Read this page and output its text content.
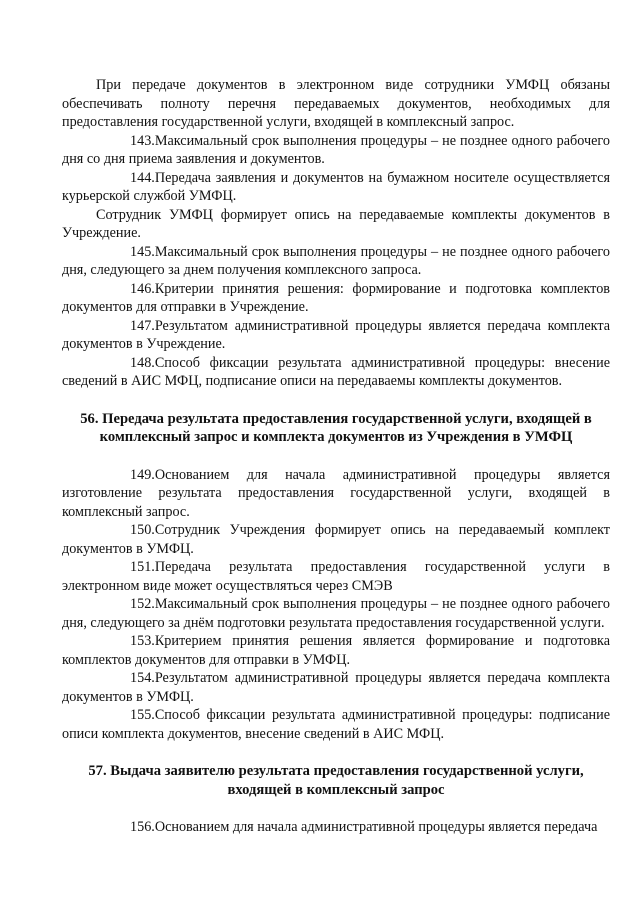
При передаче документов в электронном виде сотрудники УМФЦ обязаны обеспечивать полноту перечня передаваемых документов, необходимых для предоставления государственной услуги, входящей в комплексный запрос.

143.Максимальный срок выполнения процедуры – не позднее одного рабочего дня со дня приема заявления и документов.

144.Передача заявления и документов на бумажном носителе осуществляется курьерской службой УМФЦ.

Сотрудник УМФЦ формирует опись на передаваемые комплекты документов в Учреждение.

145.Максимальный срок выполнения процедуры – не позднее одного рабочего дня, следующего за днем получения комплексного запроса.

146.Критерии принятия решения: формирование и подготовка комплектов документов для отправки в Учреждение.

147.Результатом административной процедуры является передача комплекта документов в Учреждение.

148.Способ фиксации результата административной процедуры: внесение сведений в АИС МФЦ, подписание описи на передаваемы комплекты документов.

56. Передача результата предоставления государственной услуги, входящей в комплексный запрос и комплекта документов из Учреждения в УМФЦ

149.Основанием для начала административной процедуры является изготовление результата предоставления государственной услуги, входящей в комплексный запрос.

150.Сотрудник Учреждения формирует опись на передаваемый комплект документов в УМФЦ.

151.Передача результата предоставления государственной услуги в электронном виде может осуществляться через СМЭВ

152.Максимальный срок выполнения процедуры – не позднее одного рабочего дня, следующего за днём подготовки результата предоставления государственной услуги.

153.Критерием принятия решения является формирование и подготовка комплектов документов для отправки в УМФЦ.

154.Результатом административной процедуры является передача комплекта документов в УМФЦ.

155.Способ фиксации результата административной процедуры: подписание описи комплекта документов, внесение сведений в АИС МФЦ.

57. Выдача заявителю результата предоставления государственной услуги, входящей в комплексный запрос

156.Основанием для начала административной процедуры является передача
